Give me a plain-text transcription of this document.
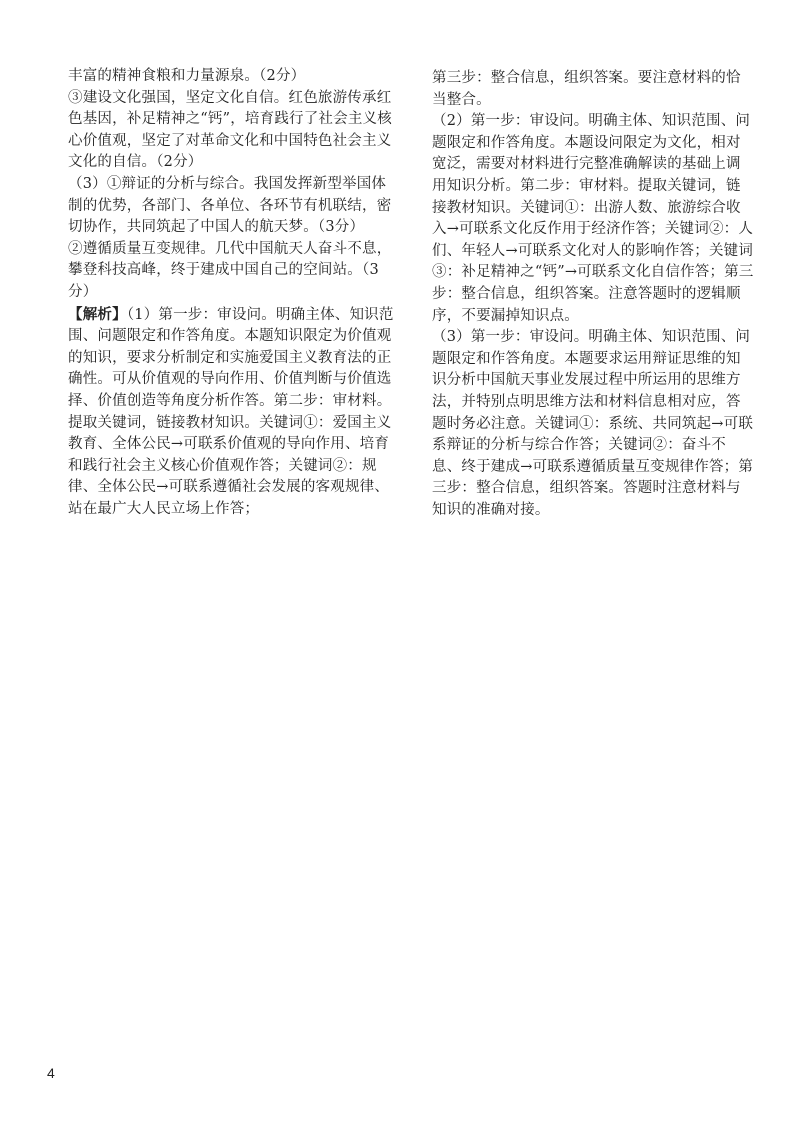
丰富的精神食粮和力量源泉。（2分）

③建设文化强国，坚定文化自信。红色旅游传承红色基因，补足精神之“钙”，培育践行了社会主义核心价值观，坚定了对革命文化和中国特色社会主义文化的自信。（2分）

（3）①辩证的分析与综合。我国发挥新型举国体制的优势，各部门、各单位、各环节有机联结，密切协作，共同筑起了中国人的航天梦。（3分）

②遵循质量互变规律。几代中国航天人奋斗不息，攀登科技高峰，终于建成中国自己的空间站。（3分）

【解析】（1）第一步：审设问。明确主体、知识范围、问题限定和作答角度。本题知识限定为价值观的知识，要求分析制定和实施爱国主义教育法的正确性。可从价值观的导向作用、价值判断与价值选择、价值创造等角度分析作答。第二步：审材料。提取关键词，链接教材知识。关键词①：爱国主义教育、全体公民→可联系价值观的导向作用、培育和践行社会主义核心价值观作答；关键词②：规律、全体公民→可联系遵循社会发展的客观规律、站在最广大人民立场上作答；

第三步：整合信息，组织答案。要注意材料的恰当整合。

（2）第一步：审设问。明确主体、知识范围、问题限定和作答角度。本题设问限定为文化，相对宽泛，需要对材料进行完整准确解读的基础上调用知识分析。第二步：审材料。提取关键词，链接教材知识。关键词①：出游人数、旅游综合收入→可联系文化反作用于经济作答；关键词②：人们、年轻人→可联系文化对人的影响作答；关键词③：补足精神之“钙”→可联系文化自信作答；第三步：整合信息，组织答案。注意答题时的逻辑顺序，不要漏掉知识点。

（3）第一步：审设问。明确主体、知识范围、问题限定和作答角度。本题要求运用辩证思维的知识分析中国航天事业发展过程中所运用的思维方法，并特别点明思维方法和材料信息相对应，答题时务必注意。关键词①：系统、共同筑起→可联系辩证的分析与综合作答；关键词②：奋斗不息、终于建成→可联系遵循质量互变规律作答；第三步：整合信息，组织答案。答题时注意材料与知识的准确对接。

4
